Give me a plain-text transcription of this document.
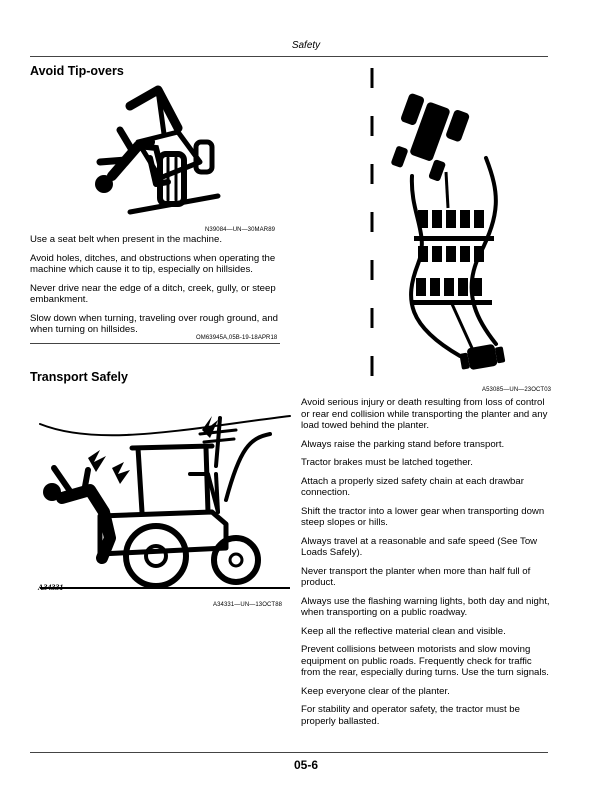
Safety
Avoid Tip-overs
N39084—UN—30MAR89

Use a seat belt when present in the machine.

Avoid holes, ditches, and obstructions when operating the machine which cause it to tip, especially on hillsides.

Never drive near the edge of a ditch, creek, gully, or steep embankment.

Slow down when turning, traveling over rough ground, and when turning on hillsides.

OM63945A,05B-19-18APR18
A53085—UN—23OCT03
Transport Safely
A34331
A34331—UN—13OCT88

Avoid serious injury or death resulting from loss of control or rear end collision while transporting the planter and any load towed behind the planter.

Always raise the parking stand before transport.

Tractor brakes must be latched together.

Attach a properly sized safety chain at each drawbar connection.

Shift the tractor into a lower gear when transporting down steep slopes or hills.

Always travel at a reasonable and safe speed (See Tow Loads Safely).

Never transport the planter when more than half full of product.

Always use the flashing warning lights, both day and night, when transporting on a public roadway.

Keep all the reflective material clean and visible.

Prevent collisions between motorists and slow moving equipment on public roads. Frequently check for traffic from the rear, especially during turns. Use the turn signals.

Keep everyone clear of the planter.

For stability and operator safety, the tractor must be properly ballasted.

05-6
